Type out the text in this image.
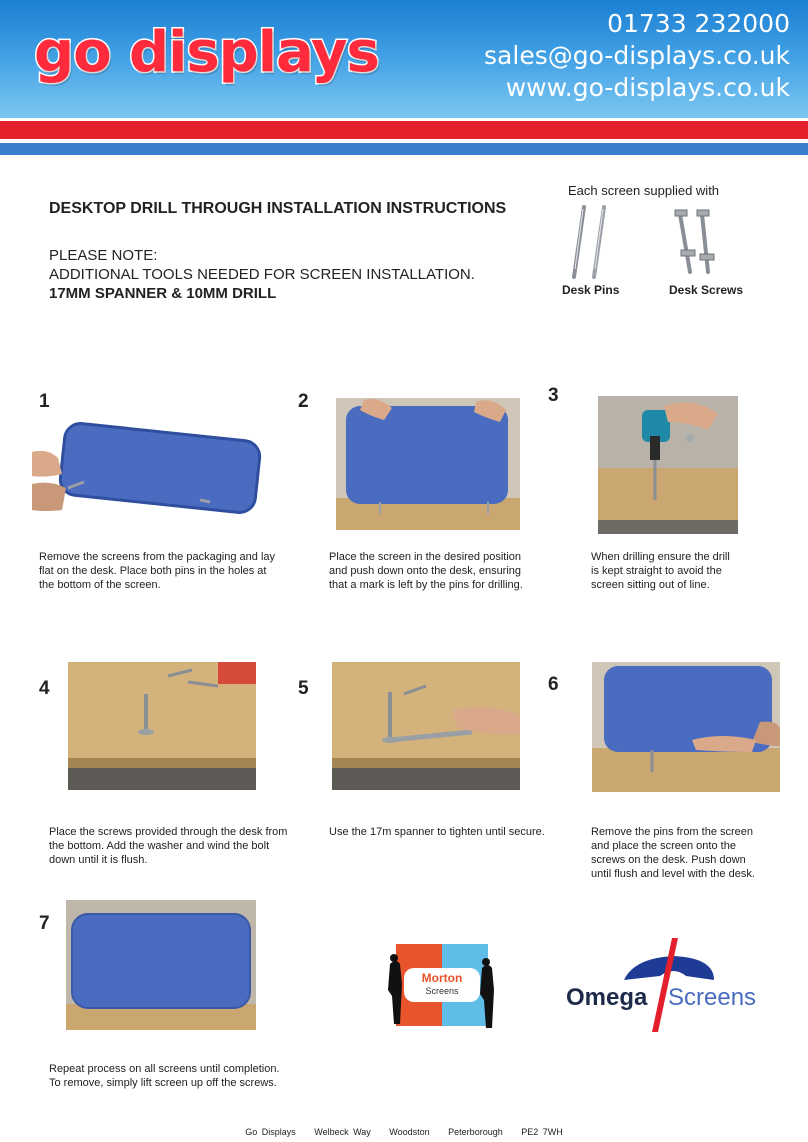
go displays	01733 232000
sales@go-displays.co.uk
www.go-displays.co.uk
DESKTOP DRILL THROUGH INSTALLATION INSTRUCTIONS
PLEASE NOTE:
ADDITIONAL TOOLS NEEDED FOR SCREEN INSTALLATION.
17MM SPANNER & 10MM DRILL
Each screen supplied with
Desk Pins	Desk Screws
1
Remove the screens from the packaging and lay
flat on the desk. Place both pins in the holes at
the bottom of the screen.
2
Place the screen in the desired position
and push down onto the desk, ensuring
that a mark is left by the pins for drilling.
3
When drilling ensure the drill
is kept straight to avoid the
screen sitting out of line.
4
Place the screws provided through the desk from
the bottom. Add the washer and wind the bolt
down until it is flush.
5
Use the 17m spanner to tighten until secure.
6
Remove the pins from the screen
and place the screen onto the
screws on the desk. Push down
until flush and level with the desk.
7
Repeat process on all screens until completion.
To remove, simply lift screen up off the screws.
Morton
Screens	Omega Screens
Go Displays Welbeck Way Woodston Peterborough PE2 7WH
